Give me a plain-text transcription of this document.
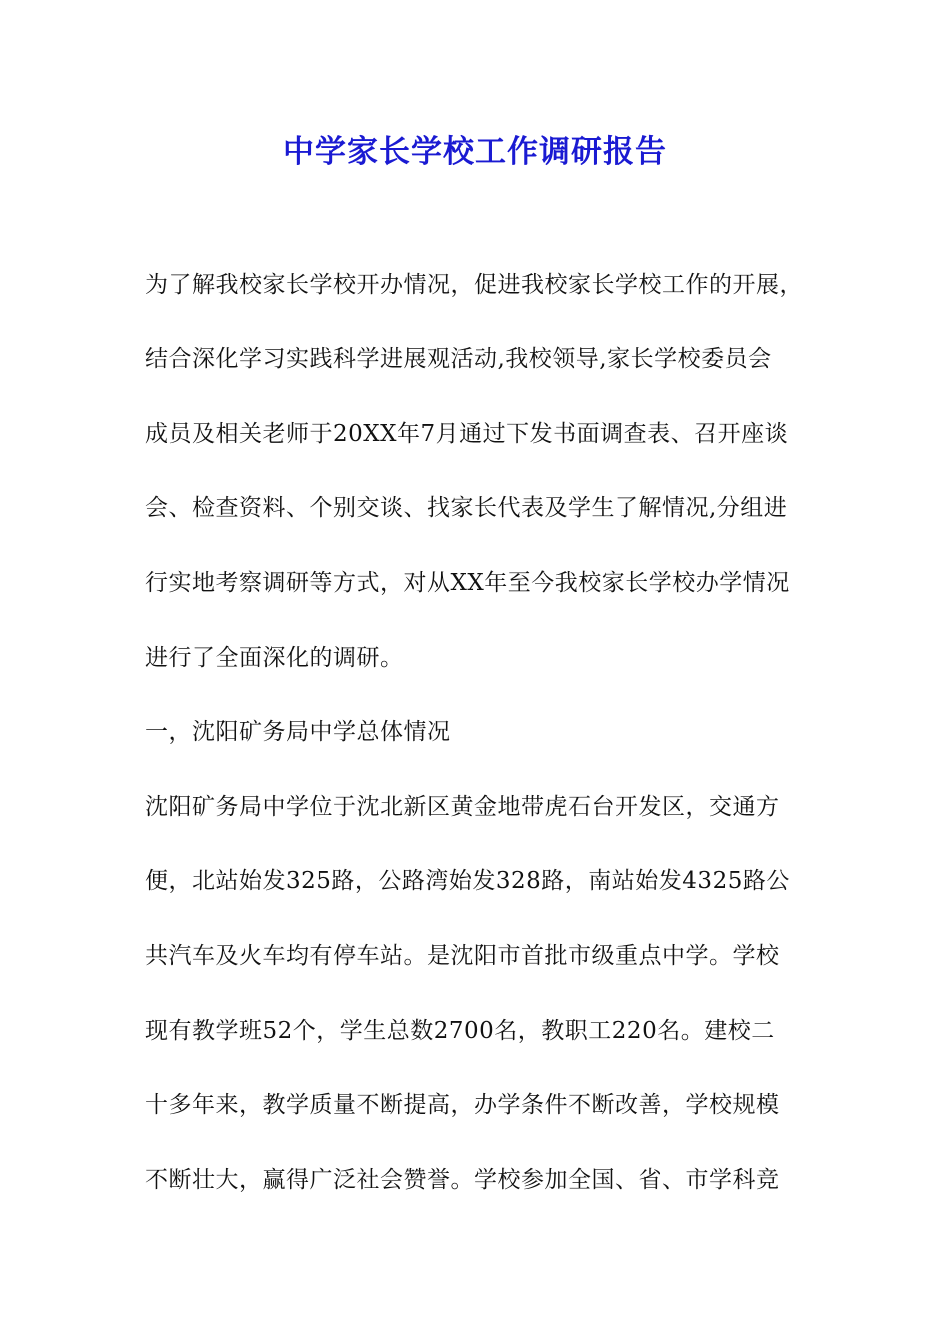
中学家长学校工作调研报告
为了解我校家长学校开办情况，促进我校家长学校工作的开展，
结合深化学习实践科学进展观活动,我校领导,家长学校委员会
成员及相关老师于20XX年7月通过下发书面调查表、召开座谈
会、检查资料、个别交谈、找家长代表及学生了解情况,分组进
行实地考察调研等方式，对从XX年至今我校家长学校办学情况
进行了全面深化的调研。
一，沈阳矿务局中学总体情况
沈阳矿务局中学位于沈北新区黄金地带虎石台开发区，交通方
便，北站始发325路，公路湾始发328路，南站始发4325路公
共汽车及火车均有停车站。是沈阳市首批市级重点中学。学校
现有教学班52个，学生总数2700名，教职工220名。建校二
十多年来，教学质量不断提高，办学条件不断改善，学校规模
不断壮大，赢得广泛社会赞誉。学校参加全国、省、市学科竞
